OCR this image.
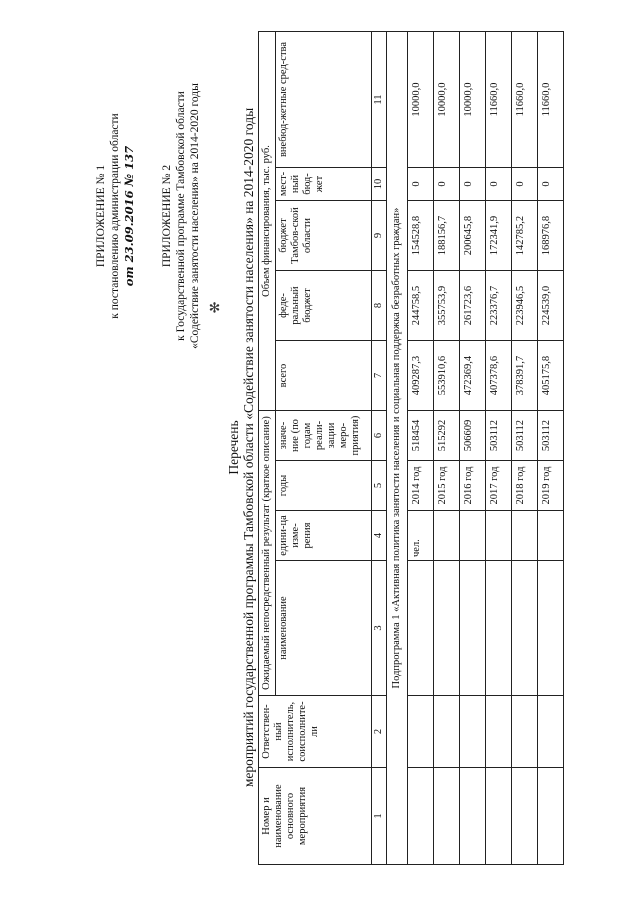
ПРИЛОЖЕНИЕ № 1 к постановлению администрации области от 23.09.2016 № 137 ПРИЛОЖЕНИЕ № 2 к Государственной программе Тамбовской области «Содействие занятости населения» на 2014-2020 годы ✻
Перечень мероприятий государственной программы Тамбовской области «Содействие занятости населения» на 2014-2020 годы
Номер и наименование основного мероприятия	Ответствен-ный исполнитель, соисполните-ли	Ожидаемый непосредственный результат (краткое описание)				Объем финансирования, тыс. руб.				
		наименование	едини-ца изме-рения	годы	значе-ние (по годам реали-зации меро-приятия)	всего	феде-ральный бюджет	бюджет Тамбов-ской области	мест-ный бюд-жет	внебюд-жетные сред-ства
1	2	3	4	5	6	7	8	9	10	11
Подпрограмма 1 «Активная политика занятости населения и социальная поддержка безработных граждан»										
			чел.	2014 год	518454	409287,3	244758,5	154528,8	0	10000,0
				2015 год	515292	553910,6	355753,9	188156,7	0	10000,0
				2016 год	506609	472369,4	261723,6	200645,8	0	10000,0
				2017 год	503112	407378,6	223376,7	172341,9	0	11660,0
				2018 год	503112	378391,7	223946,5	142785,2	0	11660,0
				2019 год	503112	405175,8	224539,0	168976,8	0	11660,0
